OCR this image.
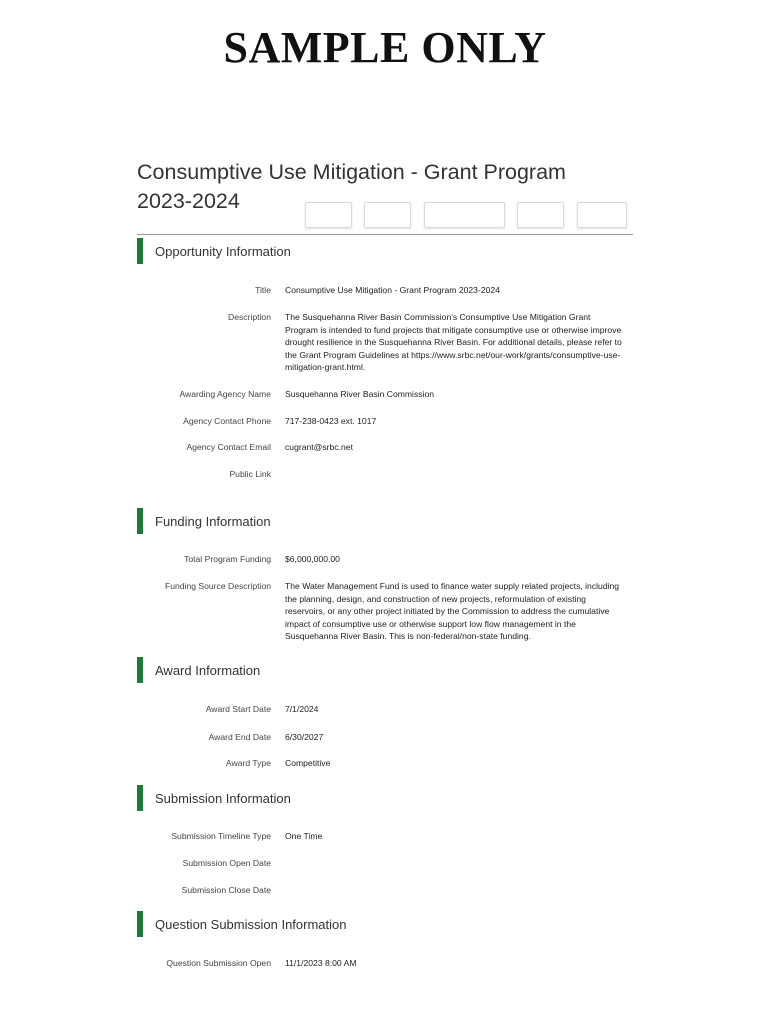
SAMPLE ONLY
Consumptive Use Mitigation - Grant Program 2023-2024
Opportunity Information
Title Consumptive Use Mitigation - Grant Program 2023-2024
Description The Susquehanna River Basin Commission's Consumptive Use Mitigation Grant Program is intended to fund projects that mitigate consumptive use or otherwise improve drought resilience in the Susquehanna River Basin. For additional details, please refer to the Grant Program Guidelines at https://www.srbc.net/our-work/grants/consumptive-use-mitigation-grant.html.
Awarding Agency Name Susquehanna River Basin Commission
Agency Contact Phone 717-238-0423 ext. 1017
Agency Contact Email cugrant@srbc.net
Public Link
Funding Information
Total Program Funding $6,000,000.00
Funding Source Description The Water Management Fund is used to finance water supply related projects, including the planning, design, and construction of new projects, reformulation of existing reservoirs, or any other project initiated by the Commission to address the cumulative impact of consumptive use or otherwise support low flow management in the Susquehanna River Basin. This is non-federal/non-state funding.
Award Information
Award Start Date 7/1/2024
Award End Date 6/30/2027
Award Type Competitive
Submission Information
Submission Timeline Type One Time
Submission Open Date
Submission Close Date
Question Submission Information
Question Submission Open 11/1/2023 8:00 AM
